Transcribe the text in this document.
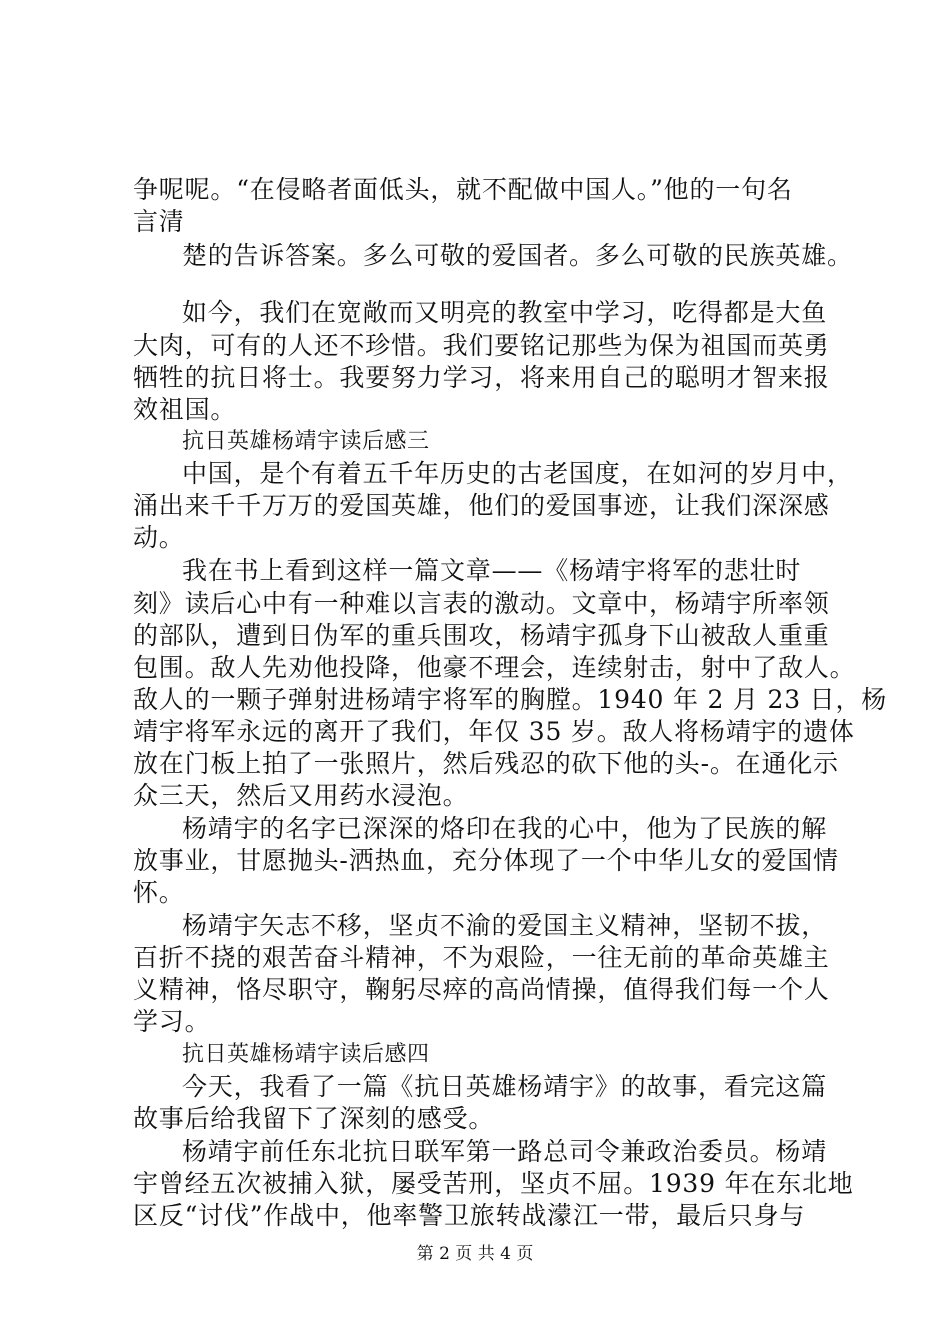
争呢呢。“在侵略者面低头，就不配做中国人。”他的一句名
言清
楚的告诉答案。多么可敬的爱国者。多么可敬的民族英雄。
如今，我们在宽敞而又明亮的教室中学习，吃得都是大鱼
大肉，可有的人还不珍惜。我们要铭记那些为保为祖国而英勇
牺牲的抗日将士。我要努力学习，将来用自己的聪明才智来报
效祖国。
抗日英雄杨靖宇读后感三
中国，是个有着五千年历史的古老国度，在如河的岁月中，
涌出来千千万万的爱国英雄，他们的爱国事迹，让我们深深感
动。
我在书上看到这样一篇文章——《杨靖宇将军的悲壮时
刻》读后心中有一种难以言表的激动。文章中，杨靖宇所率领
的部队，遭到日伪军的重兵围攻，杨靖宇孤身下山被敌人重重
包围。敌人先劝他投降，他豪不理会，连续射击，射中了敌人。
敌人的一颗子弹射进杨靖宇将军的胸膛。1940 年 2 月 23 日，杨
靖宇将军永远的离开了我们，年仅 35 岁。敌人将杨靖宇的遗体
放在门板上拍了一张照片，然后残忍的砍下他的头-。在通化示
众三天，然后又用药水浸泡。
杨靖宇的名字已深深的烙印在我的心中，他为了民族的解
放事业，甘愿抛头-洒热血，充分体现了一个中华儿女的爱国情
怀。
杨靖宇矢志不移，坚贞不渝的爱国主义精神，坚韧不拔，
百折不挠的艰苦奋斗精神，不为艰险，一往无前的革命英雄主
义精神，恪尽职守，鞠躬尽瘁的高尚情操，值得我们每一个人
学习。
抗日英雄杨靖宇读后感四
今天，我看了一篇《抗日英雄杨靖宇》的故事，看完这篇
故事后给我留下了深刻的感受。
杨靖宇前任东北抗日联军第一路总司令兼政治委员。杨靖
宇曾经五次被捕入狱，屡受苦刑，坚贞不屈。1939 年在东北地
区反“讨伐”作战中，他率警卫旅转战濛江一带，最后只身与
第 2 页 共 4 页
